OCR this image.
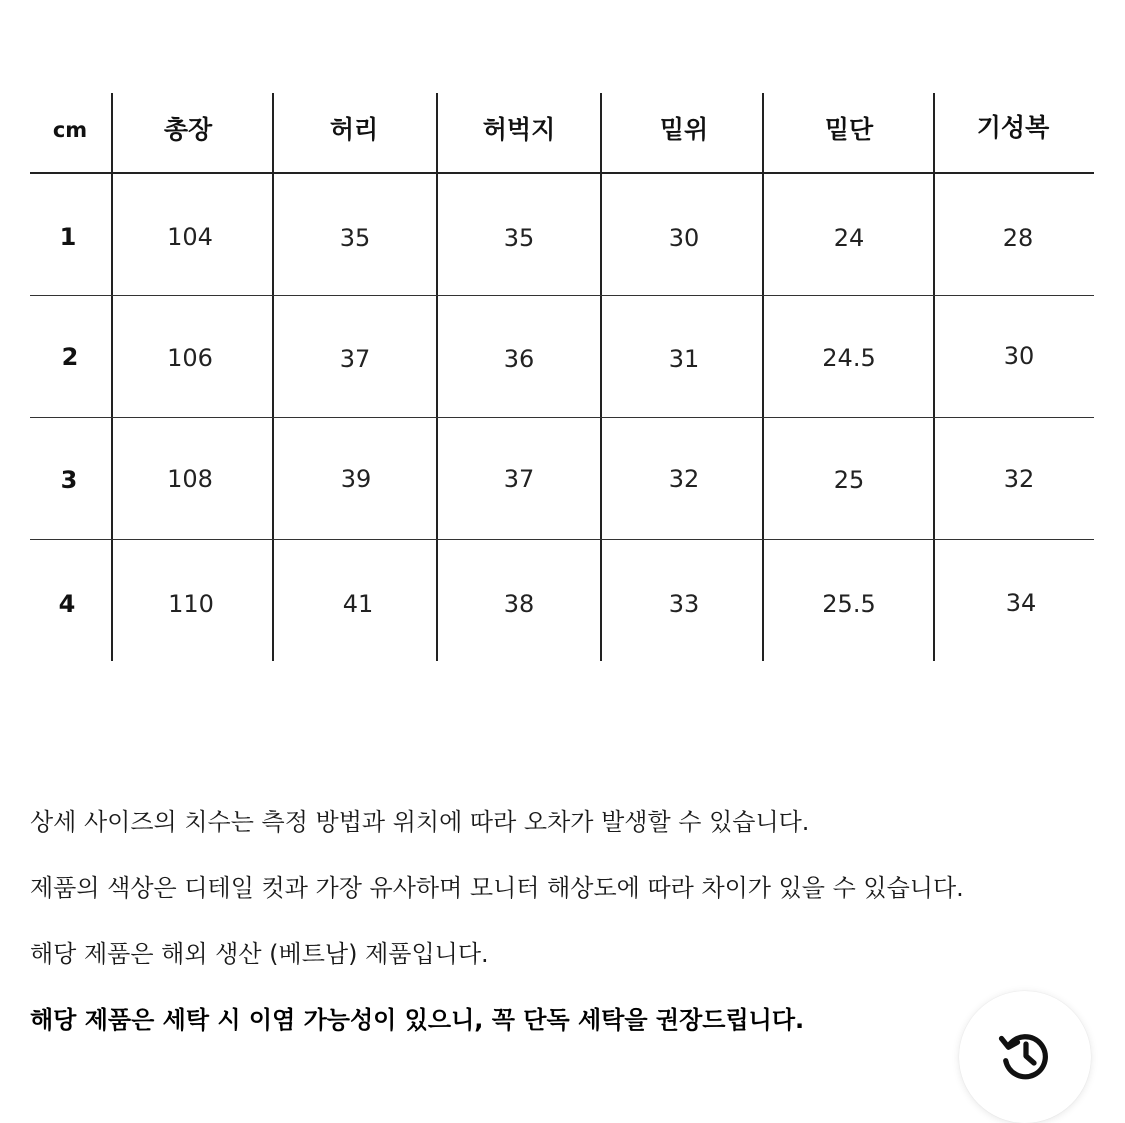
cm	총장	허리	허벅지	밑위	밑단	기성복
1	104	35	35	30	24	28
2	106	37	36	31	24.5	30
3	108	39	37	32	25	32
4	110	41	38	33	25.5	34

상세 사이즈의 치수는 측정 방법과 위치에 따라 오차가 발생할 수 있습니다.

제품의 색상은 디테일 컷과 가장 유사하며 모니터 해상도에 따라 차이가 있을 수 있습니다.

해당 제품은 해외 생산 (베트남) 제품입니다.

해당 제품은 세탁 시 이염 가능성이 있으니, 꼭 단독 세탁을 권장드립니다.
